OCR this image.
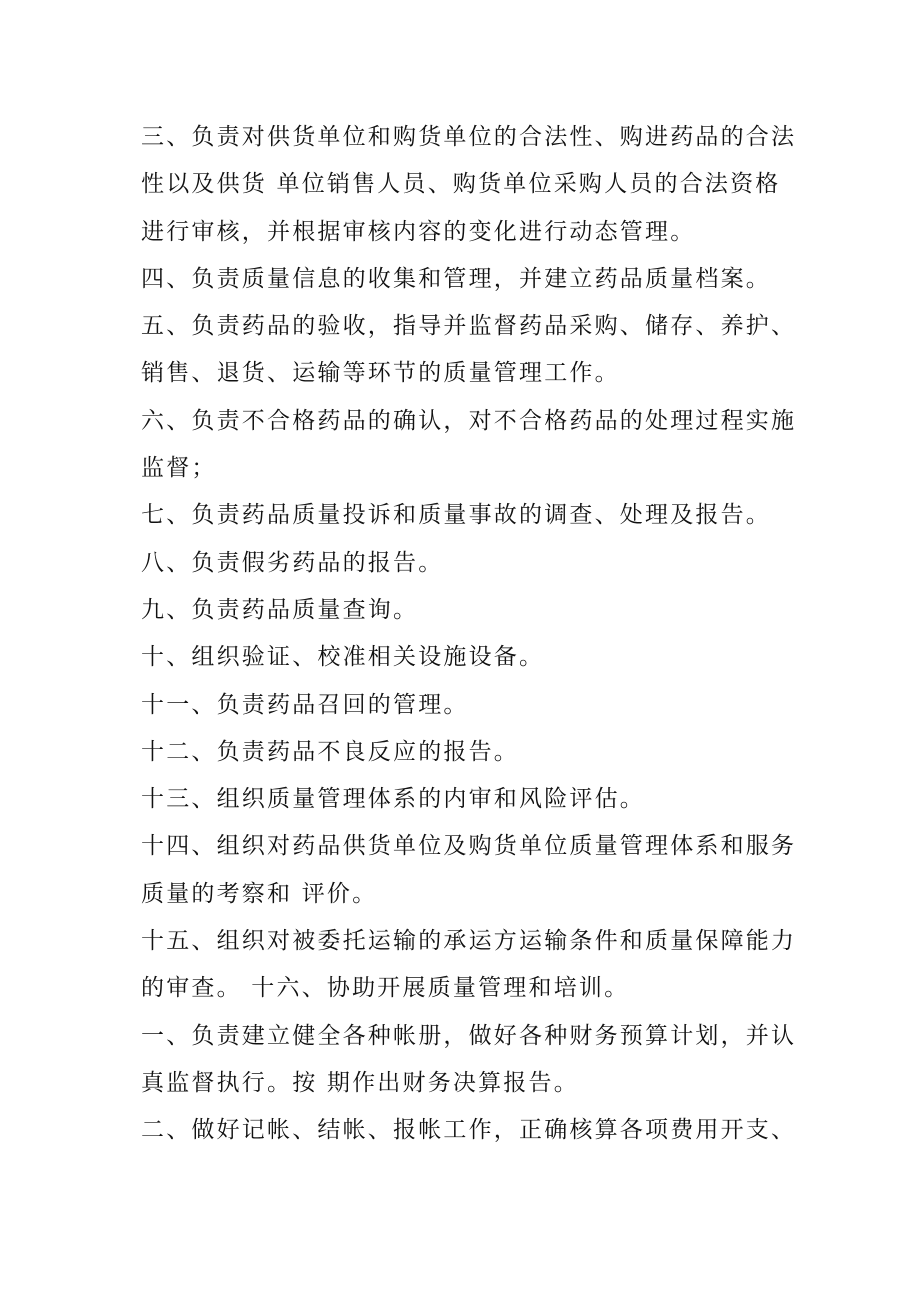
三、负责对供货单位和购货单位的合法性、购进药品的合法
性以及供货 单位销售人员、购货单位采购人员的合法资格
进行审核，并根据审核内容的变化进行动态管理。
四、负责质量信息的收集和管理，并建立药品质量档案。
五、负责药品的验收，指导并监督药品采购、储存、养护、
销售、退货、运输等环节的质量管理工作。
六、负责不合格药品的确认，对不合格药品的处理过程实施
监督；
七、负责药品质量投诉和质量事故的调查、处理及报告。
八、负责假劣药品的报告。
九、负责药品质量查询。
十、组织验证、校准相关设施设备。
十一、负责药品召回的管理。
十二、负责药品不良反应的报告。
十三、组织质量管理体系的内审和风险评估。
十四、组织对药品供货单位及购货单位质量管理体系和服务
质量的考察和 评价。
十五、组织对被委托运输的承运方运输条件和质量保障能力
的审查。 十六、协助开展质量管理和培训。
一、负责建立健全各种帐册，做好各种财务预算计划，并认
真监督执行。按 期作出财务决算报告。
二、做好记帐、结帐、报帐工作，正确核算各项费用开支、
